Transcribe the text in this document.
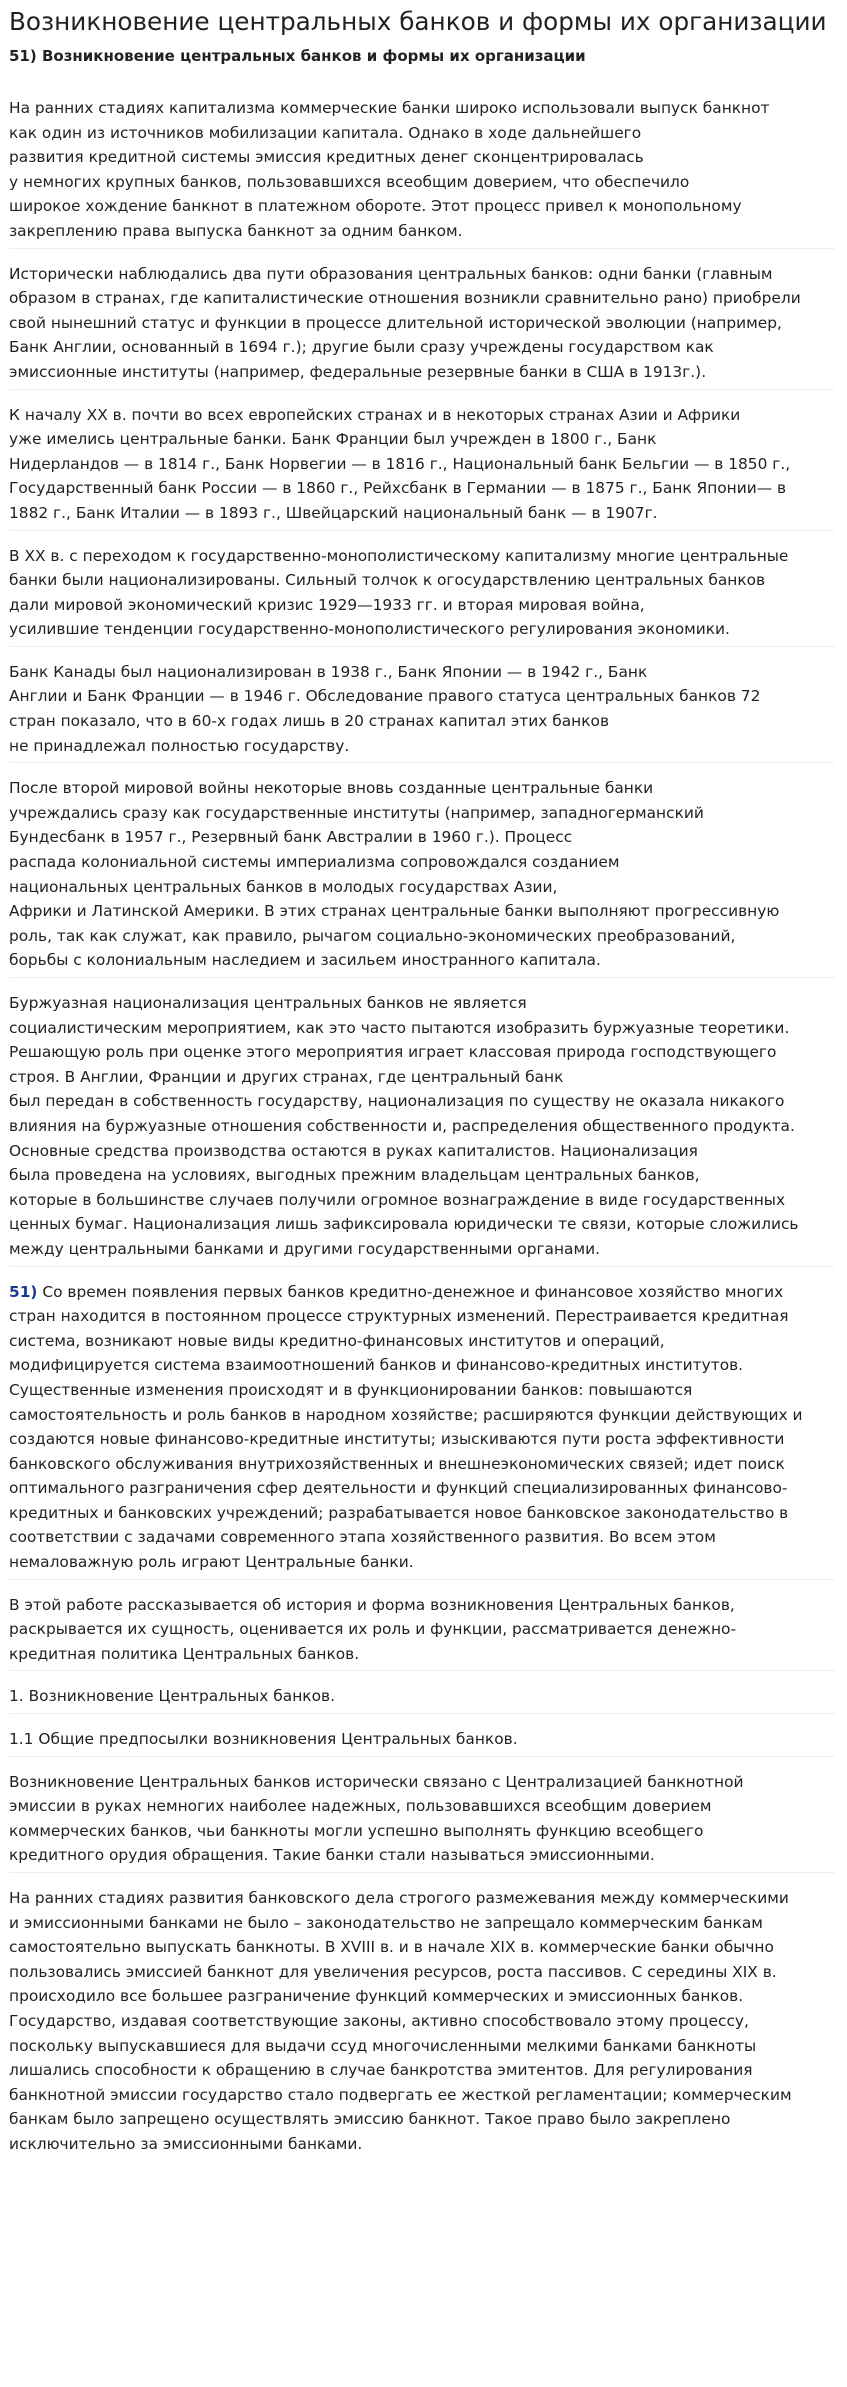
Возникновение центральных банков и формы их организации
51) Возникновение центральных банков и формы их организации
На ранних стадиях капитализма коммерческие банки широко использовали выпуск банкнот
как один из источников мобилизации капитала. Однако в ходе дальнейшего
развития кредитной системы эмиссия кредитных денег сконцентрировалась
у немногих крупных банков, пользовавшихся всеобщим доверием, что обеспечило
широкое хождение банкнот в платежном обороте. Этот процесс привел к монопольному
закреплению права выпуска банкнот за одним банком.
Исторически наблюдались два пути образования центральных банков: одни банки (главным
образом в странах, где капиталистические отношения возникли сравнительно рано) приобрели
свой нынешний статус и функции в процессе длительной исторической эволюции (например,
Банк Англии, основанный в 1694 г.); другие были сразу учреждены государством как
эмиссионные институты (например, федеральные резервные банки в США в 1913г.).
К началу XX в. почти во всех европейских странах и в некоторых странах Азии и Африки
уже имелись центральные банки. Банк Франции был учрежден в 1800 г., Банк
Нидерландов — в 1814 г., Банк Норвегии — в 1816 г., Национальный банк Бельгии — в 1850 г.,
Государственный банк России — в 1860 г., Рейхсбанк в Германии — в 1875 г., Банк Японии— в
1882 г., Банк Италии — в 1893 г., Швейцарский национальный банк — в 1907г.
В XX в. с переходом к государственно-монополистическому капитализму многие центральные
банки были национализированы. Сильный толчок к огосударствлению центральных банков
дали мировой экономический кризис 1929—1933 гг. и вторая мировая война,
усилившие тенденции государственно-монополистического регулирования экономики.
Банк Канады был национализирован в 1938 г., Банк Японии — в 1942 г., Банк
Англии и Банк Франции — в 1946 г. Обследование правого статуса центральных банков 72
стран показало, что в 60-х годах лишь в 20 странах капитал этих банков
не принадлежал полностью государству.
После второй мировой войны некоторые вновь созданные центральные банки
учреждались сразу как государственные институты (например, западногерманский
Бундесбанк в 1957 г., Резервный банк Австралии в 1960 г.). Процесс
распада колониальной системы империализма сопровождался созданием
национальных центральных банков в молодых государствах Азии,
Африки и Латинской Америки. В этих странах центральные банки выполняют прогрессивную
роль, так как служат, как правило, рычагом социально-экономических преобразований,
борьбы с колониальным наследием и засильем иностранного капитала.
Буржуазная национализация центральных банков не является
социалистическим мероприятием, как это часто пытаются изобразить буржуазные теоретики.
Решающую роль при оценке этого мероприятия играет классовая природа господствующего
строя. В Англии, Франции и других странах, где центральный банк
был передан в собственность государству, национализация по существу не оказала никакого
влияния на буржуазные отношения собственности и, распределения общественного продукта.
Основные средства производства остаются в руках капиталистов. Национализация
была проведена на условиях, выгодных прежним владельцам центральных банков,
которые в большинстве случаев получили огромное вознаграждение в виде государственных
ценных бумаг. Национализация лишь зафиксировала юридически те связи, которые сложились
между центральными банками и другими государственными органами.
51) Со времен появления первых банков кредитно-денежное и финансовое хозяйство многих
стран находится в постоянном процессе структурных изменений. Перестраивается кредитная
система, возникают новые виды кредитно-финансовых институтов и операций,
модифицируется система взаимоотношений банков и финансово-кредитных институтов.
Существенные изменения происходят и в функционировании банков: повышаются
самостоятельность и роль банков в народном хозяйстве; расширяются функции действующих и
создаются новые финансово-кредитные институты; изыскиваются пути роста эффективности
банковского обслуживания внутрихозяйственных и внешнеэкономических связей; идет поиск
оптимального разграничения сфер деятельности и функций специализированных финансово-
кредитных и банковских учреждений; разрабатывается новое банковское законодательство в
соответствии с задачами современного этапа хозяйственного развития. Во всем этом
немаловажную роль играют Центральные банки.
В этой работе рассказывается об история и форма возникновения Центральных банков,
раскрывается их сущность, оценивается их роль и функции, рассматривается денежно-
кредитная политика Центральных банков.
1. Возникновение Центральных банков.
1.1 Общие предпосылки возникновения Центральных банков.
Возникновение Центральных банков исторически связано с Централизацией банкнотной
эмиссии в руках немногих наиболее надежных, пользовавшихся всеобщим доверием
коммерческих банков, чьи банкноты могли успешно выполнять функцию всеобщего
кредитного орудия обращения. Такие банки стали называться эмиссионными.
На ранних стадиях развития банковского дела строгого размежевания между коммерческими
и эмиссионными банками не было – законодательство не запрещало коммерческим банкам
самостоятельно выпускать банкноты. В XVIII в. и в начале XIX в. коммерческие банки обычно
пользовались эмиссией банкнот для увеличения ресурсов, роста пассивов. С середины XIX в.
происходило все большее разграничение функций коммерческих и эмиссионных банков.
Государство, издавая соответствующие законы, активно способствовало этому процессу,
поскольку выпускавшиеся для выдачи ссуд многочисленными мелкими банками банкноты
лишались способности к обращению в случае банкротства эмитентов. Для регулирования
банкнотной эмиссии государство стало подвергать ее жесткой регламентации; коммерческим
банкам было запрещено осуществлять эмиссию банкнот. Такое право было закреплено
исключительно за эмиссионными банками.
